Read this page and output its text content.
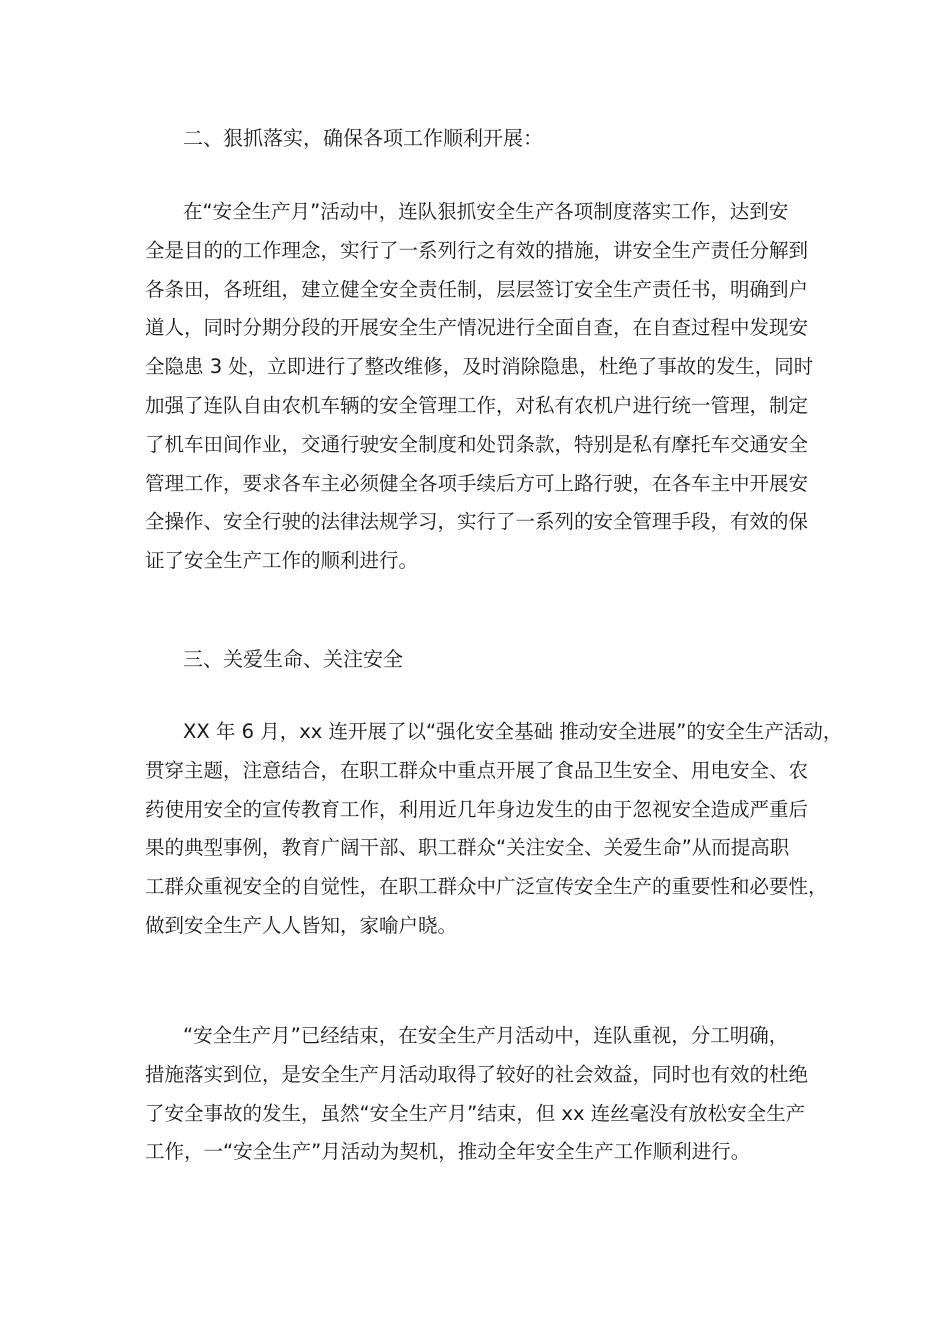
二、狠抓落实，确保各项工作顺利开展：

在“安全生产月”活动中，连队狠抓安全生产各项制度落实工作，达到安
全是目的的工作理念，实行了一系列行之有效的措施，讲安全生产责任分解到
各条田，各班组，建立健全安全责任制，层层签订安全生产责任书，明确到户
道人，同时分期分段的开展安全生产情况进行全面自查，在自查过程中发现安
全隐患 3 处，立即进行了整改维修，及时消除隐患，杜绝了事故的发生，同时
加强了连队自由农机车辆的安全管理工作，对私有农机户进行统一管理，制定
了机车田间作业，交通行驶安全制度和处罚条款，特别是私有摩托车交通安全
管理工作，要求各车主必须健全各项手续后方可上路行驶，在各车主中开展安
全操作、安全行驶的法律法规学习，实行了一系列的安全管理手段，有效的保
证了安全生产工作的顺利进行。

三、关爱生命、关注安全

XX 年 6 月，xx 连开展了以“强化安全基础 推动安全进展”的安全生产活动，
贯穿主题，注意结合，在职工群众中重点开展了食品卫生安全、用电安全、农
药使用安全的宣传教育工作，利用近几年身边发生的由于忽视安全造成严重后
果的典型事例，教育广阔干部、职工群众“关注安全、关爱生命”从而提高职
工群众重视安全的自觉性，在职工群众中广泛宣传安全生产的重要性和必要性，
做到安全生产人人皆知，家喻户晓。
“安全生产月”已经结束，在安全生产月活动中，连队重视，分工明确，
措施落实到位，是安全生产月活动取得了较好的社会效益，同时也有效的杜绝
了安全事故的发生，虽然“安全生产月”结束，但 xx 连丝毫没有放松安全生产
工作，一“安全生产”月活动为契机，推动全年安全生产工作顺利进行。
